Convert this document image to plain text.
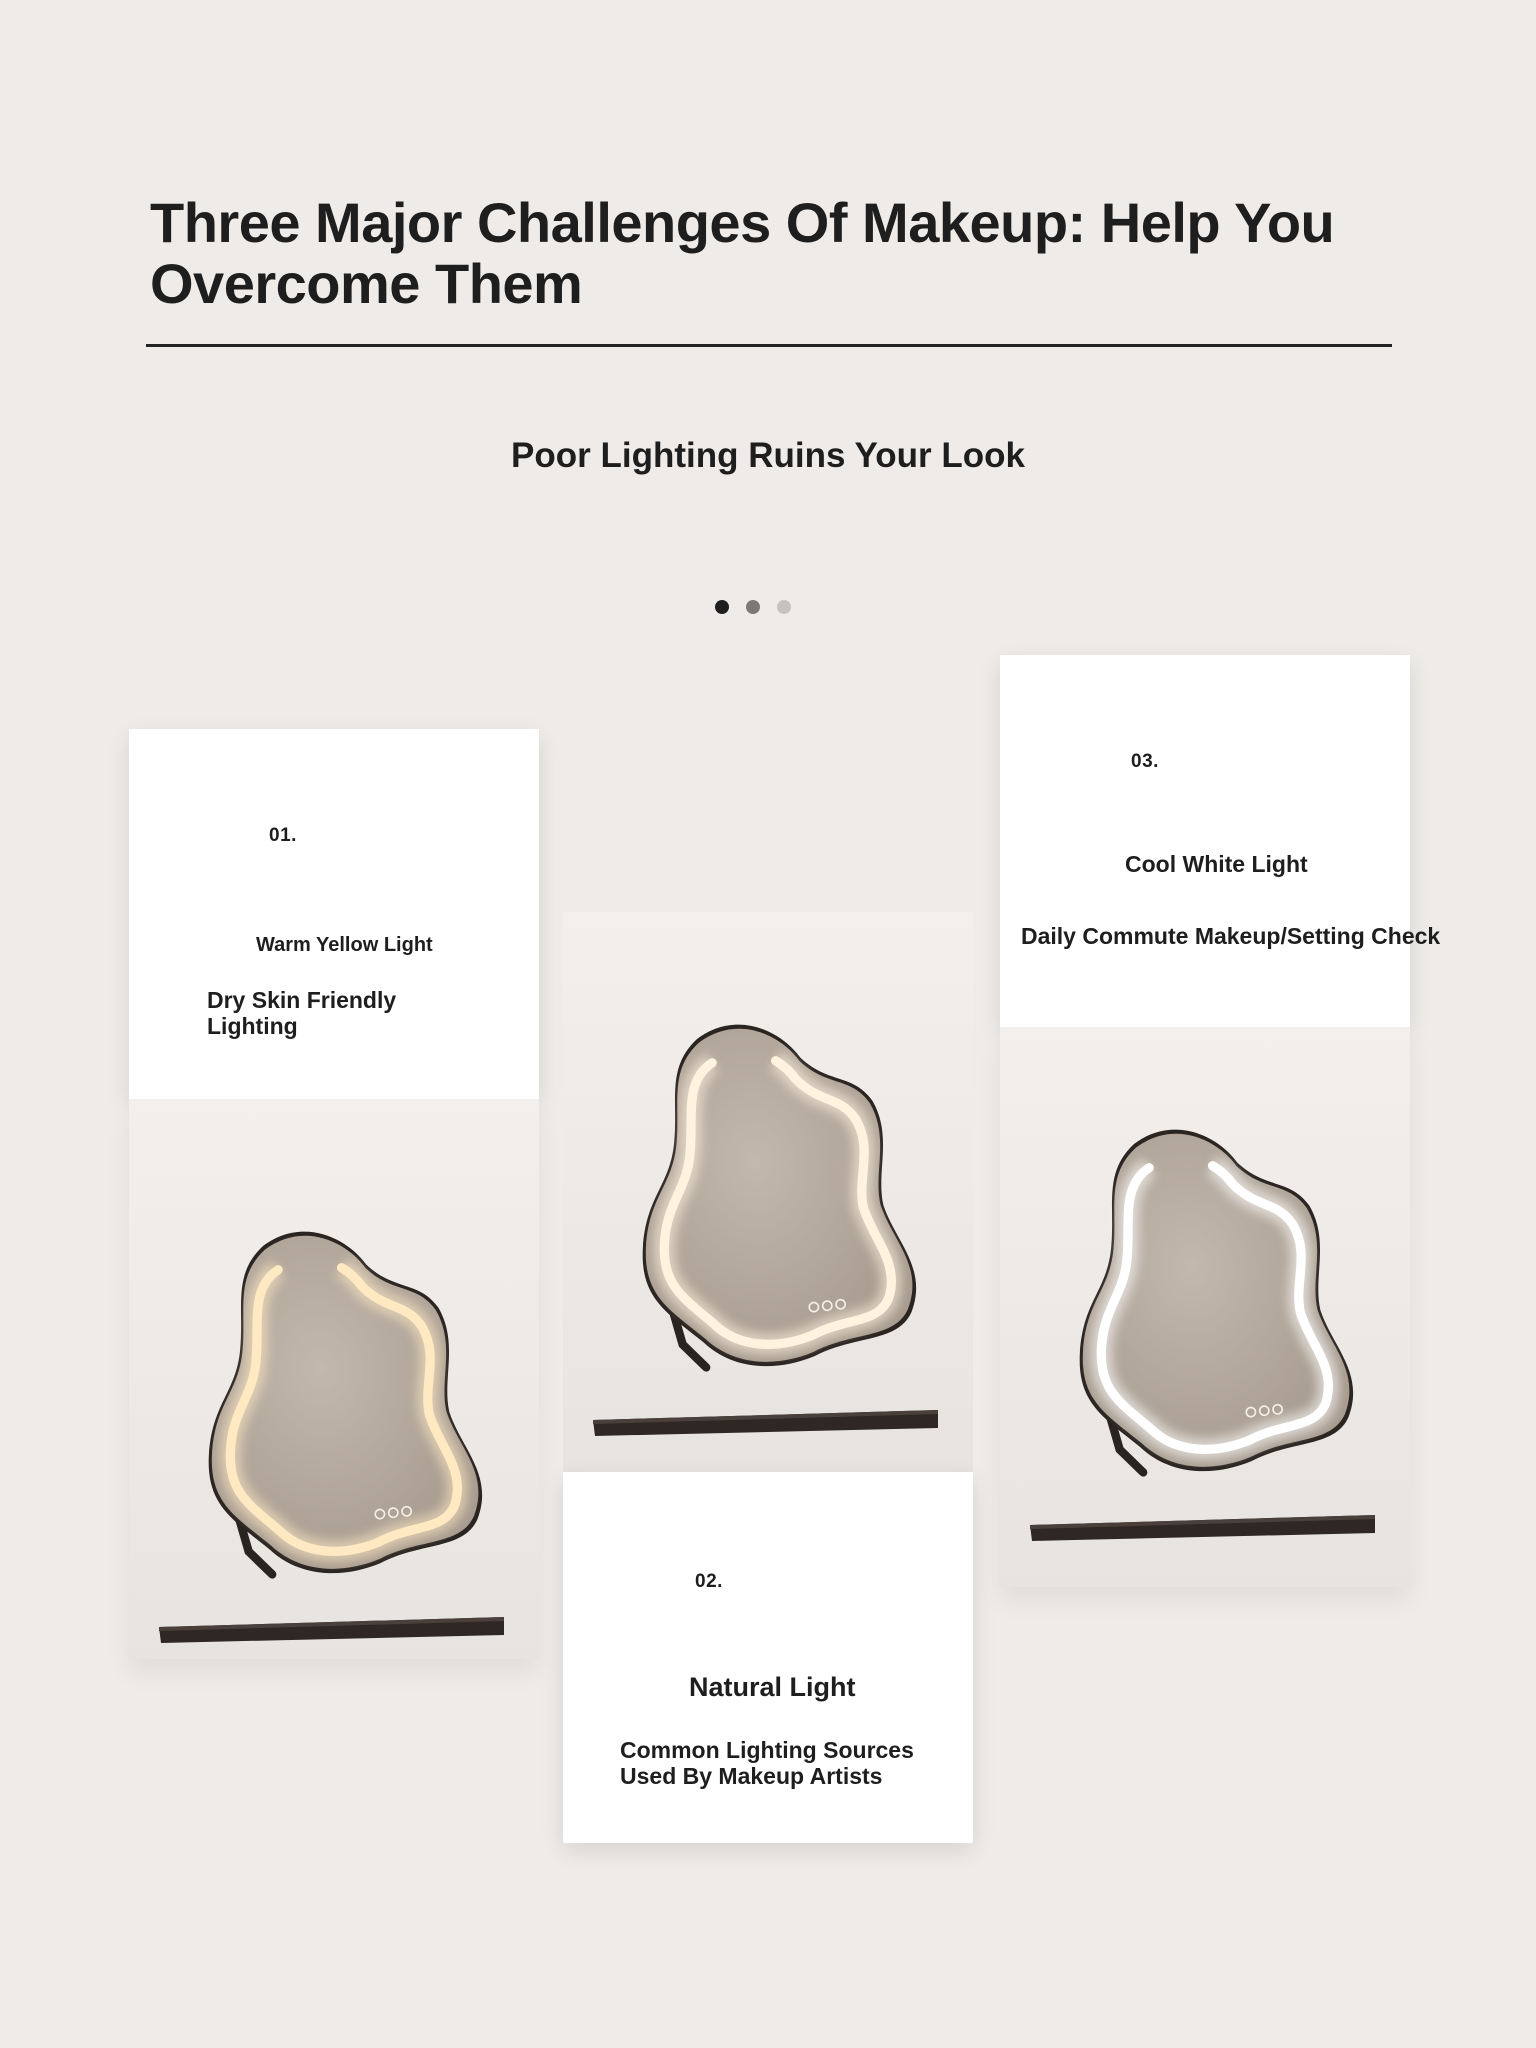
Three Major Challenges Of Makeup: Help You Overcome Them
Poor Lighting Ruins Your Look
01.
Warm Yellow Light
Dry Skin Friendly Lighting
02.
Natural Light
Common Lighting Sources Used By Makeup Artists
03.
Cool White Light
Daily Commute Makeup/Setting Check
